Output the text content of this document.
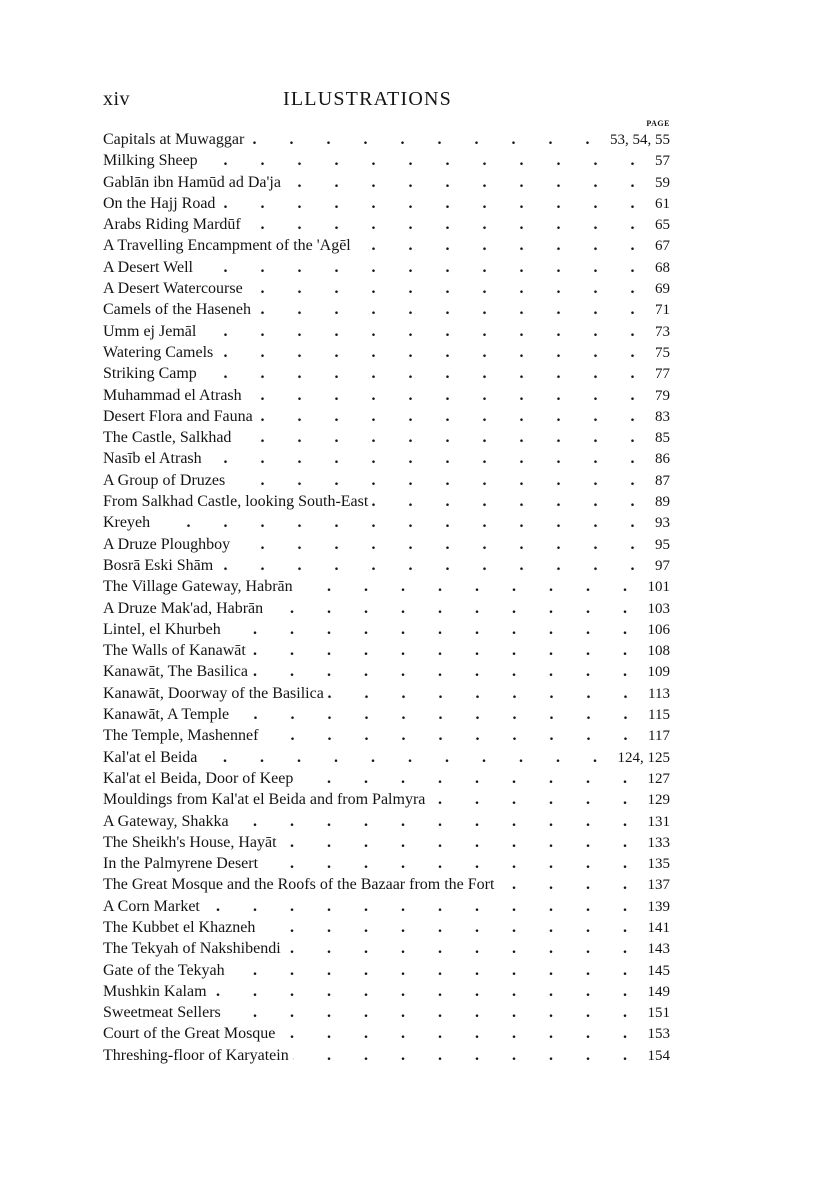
xiv	ILLUSTRATIONS
PAGE
Capitals at Muwaggar . . .	53, 54, 55
Milking Sheep . . .	57
Gablān ibn Hamūd ad Da'ja . . .	59
On the Hajj Road . . .	61
Arabs Riding Mardūf . . .	65
A Travelling Encampment of the 'Agēl . . .	67
A Desert Well . . .	68
A Desert Watercourse . . .	69
Camels of the Haseneh . . .	71
Umm ej Jemāl . . .	73
Watering Camels . . .	75
Striking Camp . . .	77
Muhammad el Atrash . . .	79
Desert Flora and Fauna . . .	83
The Castle, Salkhad . . .	85
Nasīb el Atrash . . .	86
A Group of Druzes . . .	87
From Salkhad Castle, looking South-East . . .	89
Kreyeh . . .	93
A Druze Ploughboy . . .	95
Bosrā Eski Shām . . .	97
The Village Gateway, Habrān . . .	101
A Druze Mak'ad, Habrān . . .	103
Lintel, el Khurbeh . . .	106
The Walls of Kanawāt . . .	108
Kanawāt, The Basilica . . .	109
Kanawāt, Doorway of the Basilica . . .	113
Kanawāt, A Temple . . .	115
The Temple, Mashennef . . .	117
Kal'at el Beida . . .	124, 125
Kal'at el Beida, Door of Keep . . .	127
Mouldings from Kal'at el Beida and from Palmyra . . .	129
A Gateway, Shakka . . .	131
The Sheikh's House, Hayāt . . .	133
In the Palmyrene Desert . . .	135
The Great Mosque and the Roofs of the Bazaar from the Fort . . .	137
A Corn Market . . .	139
The Kubbet el Khazneh . . .	141
The Tekyah of Nakshibendi . . .	143
Gate of the Tekyah . . .	145
Mushkin Kalam . . .	149
Sweetmeat Sellers . . .	151
Court of the Great Mosque . . .	153
Threshing-floor of Karyatein . . .	154
